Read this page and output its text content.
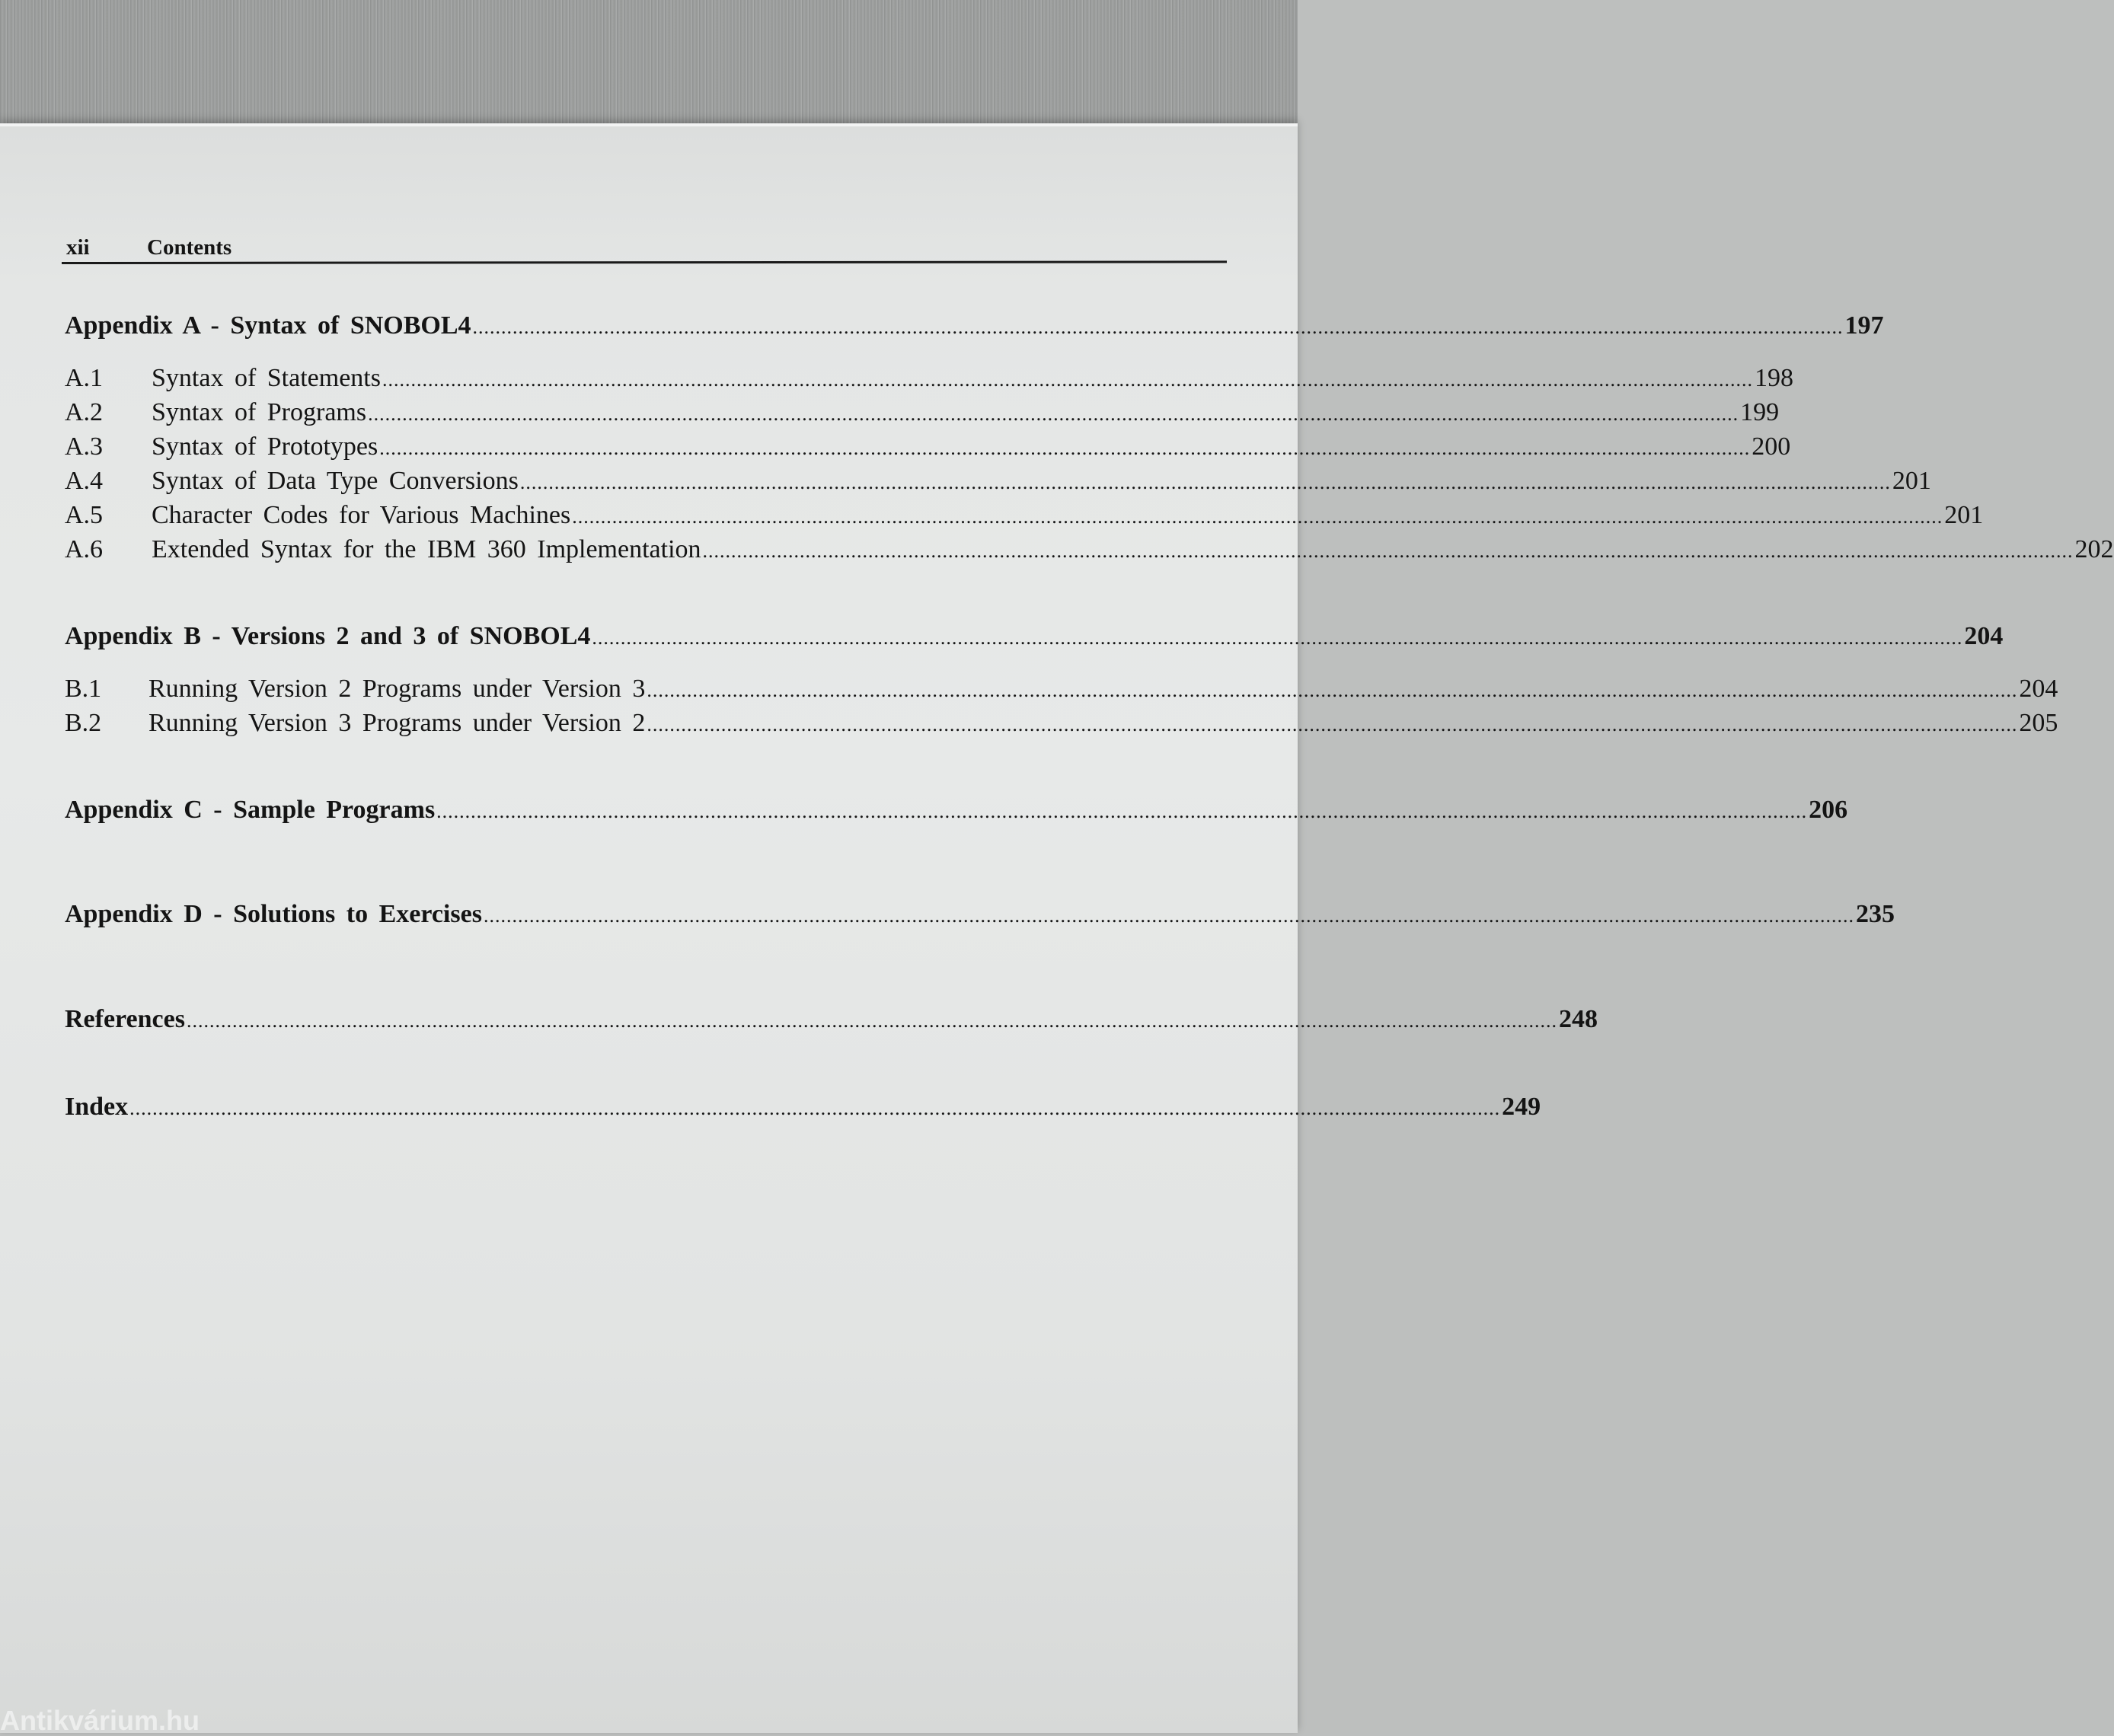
xii	Contents
Appendix A - Syntax of SNOBOL4 ................................................................................................................................................................................................................................................ 197
A.1	Syntax of Statements ................................................................................................................................................................................................................................................ 198
A.2	Syntax of Programs ................................................................................................................................................................................................................................................ 199
A.3	Syntax of Prototypes ................................................................................................................................................................................................................................................ 200
A.4	Syntax of Data Type Conversions ................................................................................................................................................................................................................................................ 201
A.5	Character Codes for Various Machines ................................................................................................................................................................................................................................................ 201
A.6	Extended Syntax for the IBM 360 Implementation ................................................................................................................................................................................................................................................ 202
Appendix B - Versions 2 and 3 of SNOBOL4 ................................................................................................................................................................................................................................................ 204
B.1	Running Version 2 Programs under Version 3 ................................................................................................................................................................................................................................................ 204
B.2	Running Version 3 Programs under Version 2 ................................................................................................................................................................................................................................................ 205
Appendix C - Sample Programs ................................................................................................................................................................................................................................................ 206
Appendix D - Solutions to Exercises ................................................................................................................................................................................................................................................ 235
References ................................................................................................................................................................................................................................................ 248
Index ................................................................................................................................................................................................................................................ 249
Antikvárium.hu
